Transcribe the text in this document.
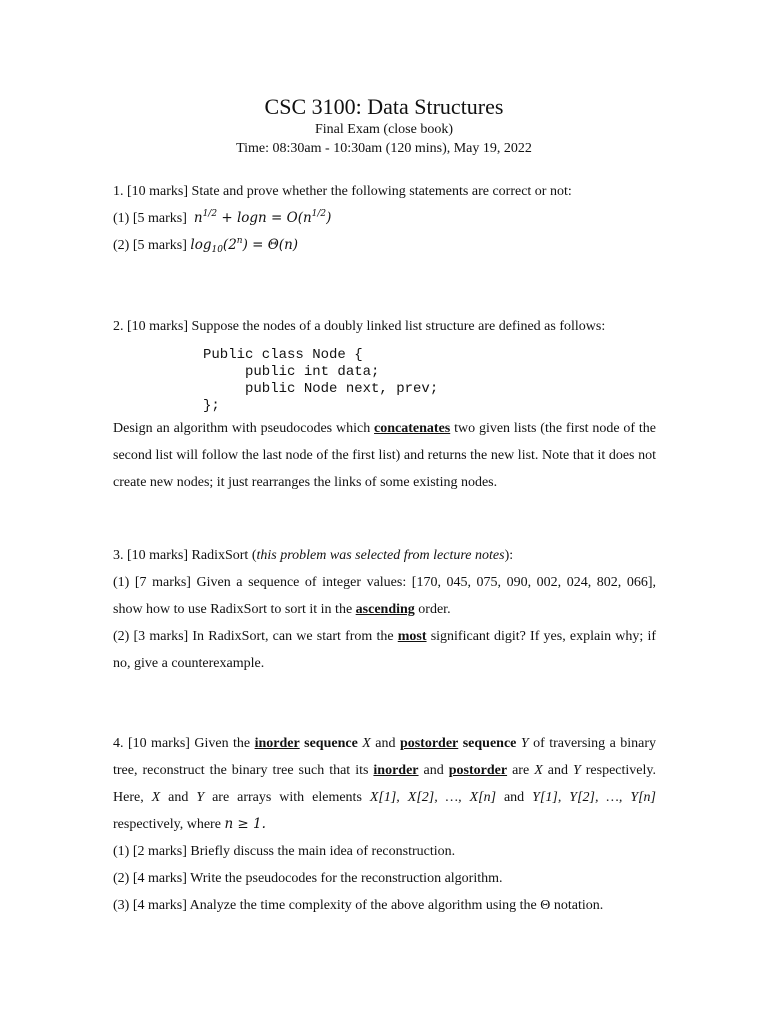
CSC 3100: Data Structures
Final Exam (close book)
Time: 08:30am - 10:30am (120 mins), May 19, 2022

1. [10 marks] State and prove whether the following statements are correct or not:

(1) [5 marks] $n^{1/2} + \log n = O(n^{1/2})$

(2) [5 marks] $\log_{10}(2^n) = \Theta(n)$

2. [10 marks] Suppose the nodes of a doubly linked list structure are defined as follows:

Public class Node {
public int data;
public Node next, prev;
};

Design an algorithm with pseudocodes which concatenates two given lists (the first node of the second list will follow the last node of the first list) and returns the new list. Note that it does not create new nodes; it just rearranges the links of some existing nodes.

3. [10 marks] RadixSort (this problem was selected from lecture notes):

(1) [7 marks] Given a sequence of integer values: [170, 045, 075, 090, 002, 024, 802, 066], show how to use RadixSort to sort it in the ascending order.

(2) [3 marks] In RadixSort, can we start from the most significant digit? If yes, explain why; if no, give a counterexample.

4. [10 marks] Given the inorder sequence X and postorder sequence Y of traversing a binary tree, reconstruct the binary tree such that its inorder and postorder are X and Y respectively. Here, X and Y are arrays with elements X[1], X[2], …, X[n] and Y[1], Y[2], …, Y[n] respectively, where n ≥ 1.

(1) [2 marks] Briefly discuss the main idea of reconstruction.

(2) [4 marks] Write the pseudocodes for the reconstruction algorithm.

(3) [4 marks] Analyze the time complexity of the above algorithm using the Θ notation.
